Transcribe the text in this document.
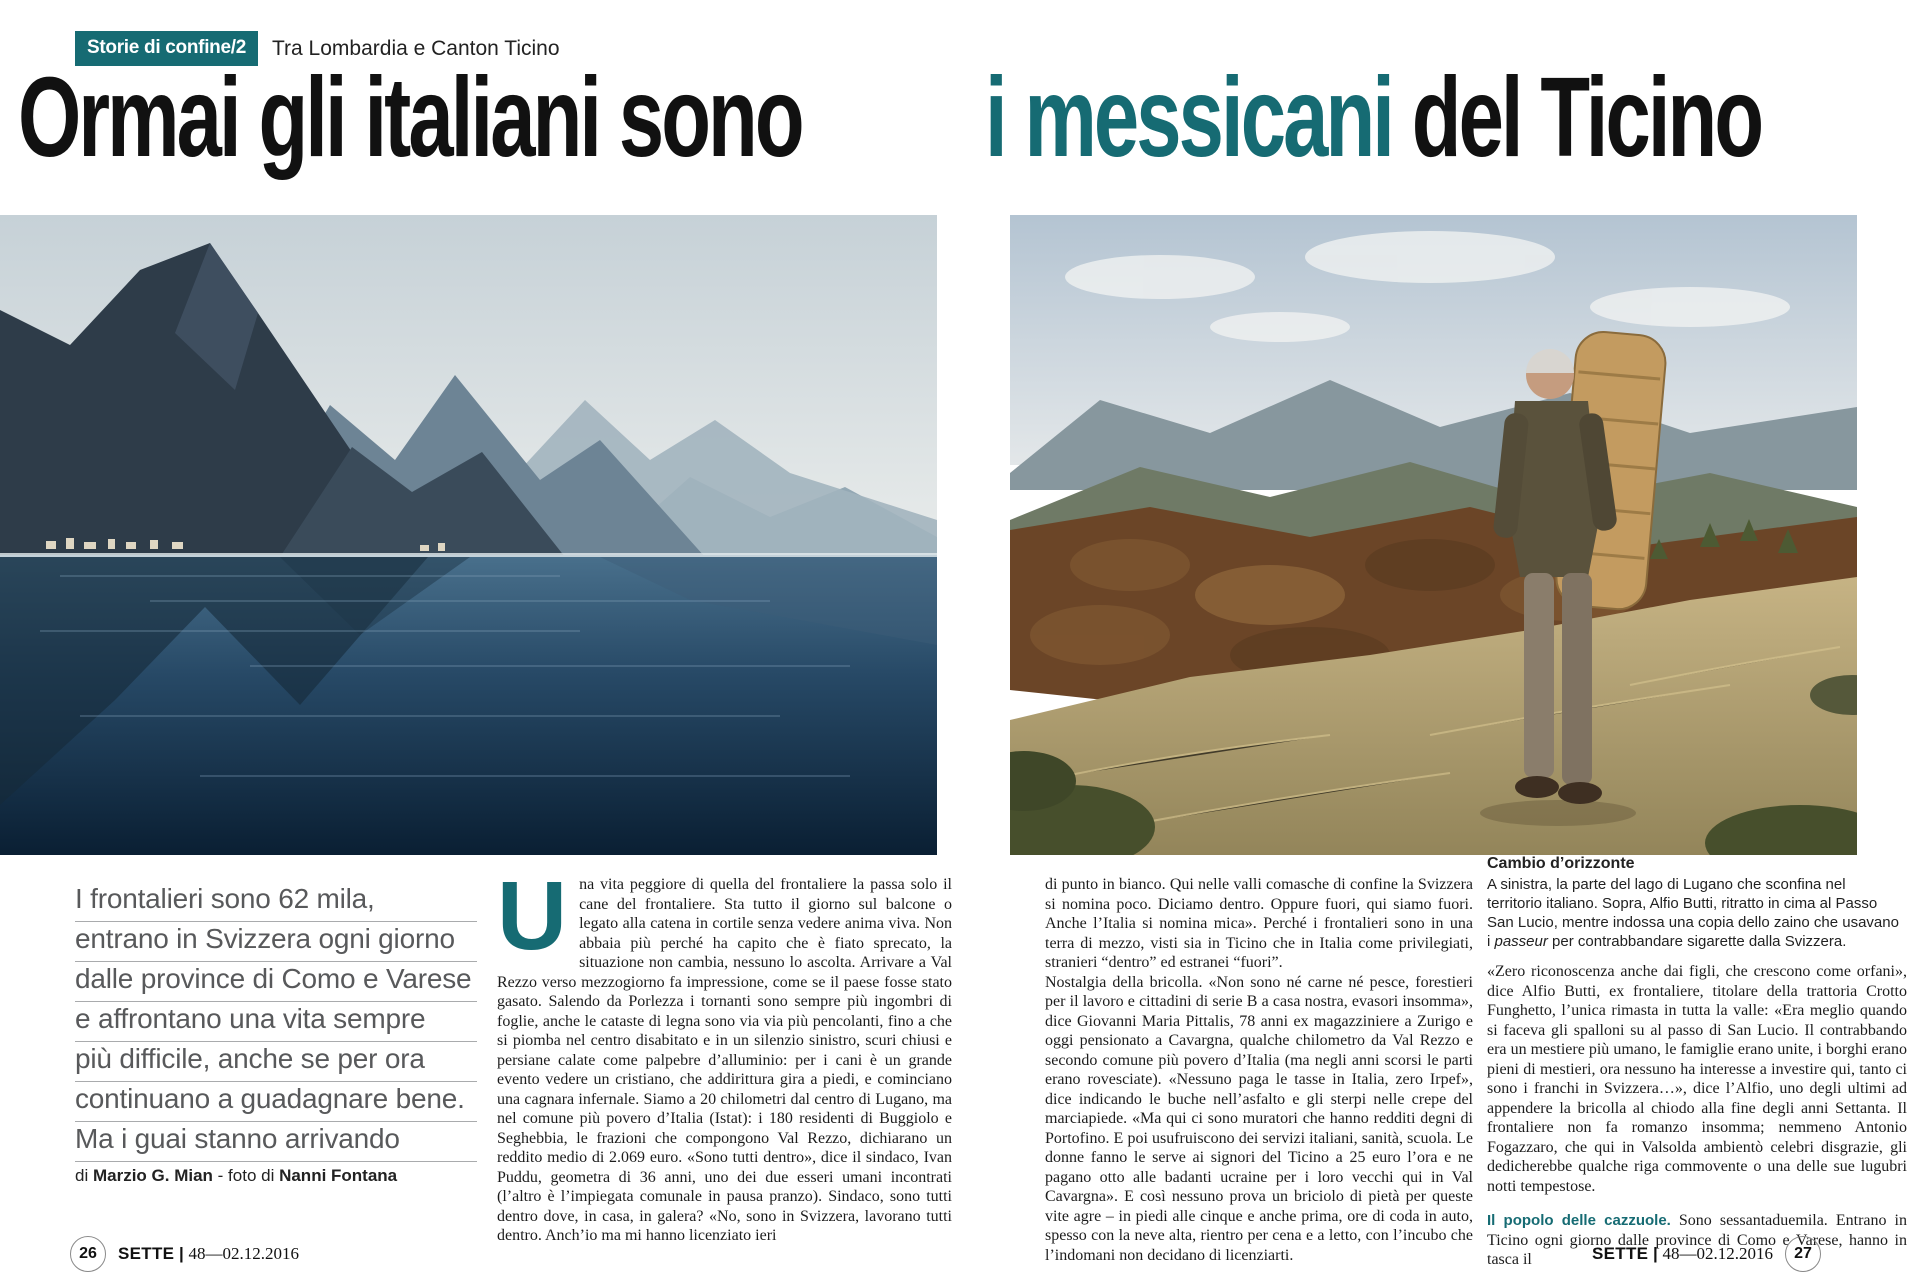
Storie di confine/2	Tra Lombardia e Canton Ticino
Ormai gli italiani sono i messicani del Ticino
I frontalieri sono 62 mila,
entrano in Svizzera ogni giorno
dalle province di Como e Varese
e affrontano una vita sempre
più difficile, anche se per ora
continuano a guadagnare bene.
Ma i guai stanno arrivando
di Marzio G. Mian - foto di Nanni Fontana

Una vita peggiore di quella del frontaliere la passa solo il cane del frontaliere. Sta tutto il giorno sul balcone o legato alla catena in cortile senza vedere anima viva. Non abbaia più perché ha capito che è fiato sprecato, la situazione non cambia, nessuno lo ascolta. Arrivare a Val Rezzo verso mezzogiorno fa impressione, come se il paese fosse stato gasato. Salendo da Porlezza i tornanti sono sempre più ingombri di foglie, anche le cataste di legna sono via via più pencolanti, fino a che si piomba nel centro disabitato e in un silenzio sinistro, scuri chiusi e persiane calate come palpebre d’alluminio: per i cani è un grande evento vedere un cristiano, che addirittura gira a piedi, e cominciano una cagnara infernale. Siamo a 20 chilometri dal centro di Lugano, ma nel comune più povero d’Italia (Istat): i 180 residenti di Buggiolo e Seghebbia, le frazioni che compongono Val Rezzo, dichiarano un reddito medio di 2.069 euro. «Sono tutti dentro», dice il sindaco, Ivan Puddu, geometra di 36 anni, uno dei due esseri umani incontrati (l’altro è l’impiegata comunale in pausa pranzo). Sindaco, sono tutti dentro dove, in casa, in galera? «No, sono in Svizzera, lavorano tutti dentro. Anch’io ma mi hanno licenziato ieri

di punto in bianco. Qui nelle valli comasche di confine la Svizzera si nomina poco. Diciamo dentro. Oppure fuori, qui siamo fuori. Anche l’Italia si nomina mica». Perché i frontalieri sono in una terra di mezzo, visti sia in Ticino che in Italia come privilegiati, stranieri “dentro” ed estranei “fuori”.

Nostalgia della bricolla. «Non sono né carne né pesce, forestieri per il lavoro e cittadini di serie B a casa nostra, evasori insomma», dice Giovanni Maria Pittalis, 78 anni ex magazziniere a Zurigo e oggi pensionato a Cavargna, qualche chilometro da Val Rezzo e secondo comune più povero d’Italia (ma negli anni scorsi le parti erano rovesciate). «Nessuno paga le tasse in Italia, zero Irpef», dice indicando le buche nell’asfalto e gli sterpi nelle crepe del marciapiede. «Ma qui ci sono muratori che hanno redditi degni di Portofino. E poi usufruiscono dei servizi italiani, sanità, scuola. Le donne fanno le serve ai signori del Ticino a 25 euro l’ora e ne pagano otto alle badanti ucraine per i loro vecchi qui in Val Cavargna». E così nessuno prova un briciolo di pietà per queste vite agre – in piedi alle cinque e anche prima, ore di coda in auto, spesso con la neve alta, rientro per cena e a letto, con l’incubo che l’indomani non decidano di licenziarti.

Cambio d’orizzonte
A sinistra, la parte del lago di Lugano che sconfina nel territorio italiano. Sopra, Alfio Butti, ritratto in cima al Passo San Lucio, mentre indossa una copia dello zaino che usavano i passeur per contrabbandare sigarette dalla Svizzera.

«Zero riconoscenza anche dai figli, che crescono come orfani», dice Alfio Butti, ex frontaliere, titolare della trattoria Crotto Funghetto, l’unica rimasta in tutta la valle: «Era meglio quando si faceva gli spalloni su al passo di San Lucio. Il contrabbando era un mestiere più umano, le famiglie erano unite, i borghi erano pieni di mestieri, ora nessuno ha interesse a investire qui, tanto ci sono i franchi in Svizzera…», dice l’Alfio, uno degli ultimi ad appendere la bricolla al chiodo alla fine degli anni Settanta. Il frontaliere non fa romanzo insomma; nemmeno Antonio Fogazzaro, che qui in Valsolda ambientò celebri disgrazie, gli dedicherebbe qualche riga commovente o una delle sue lugubri notti tempestose.

Il popolo delle cazzuole. Sono sessantaduemila. Entrano in Ticino ogni giorno dalle province di Como e Varese, hanno in tasca il

26	SETTE | 48—02.12.2016	SETTE | 48—02.12.2016	27
